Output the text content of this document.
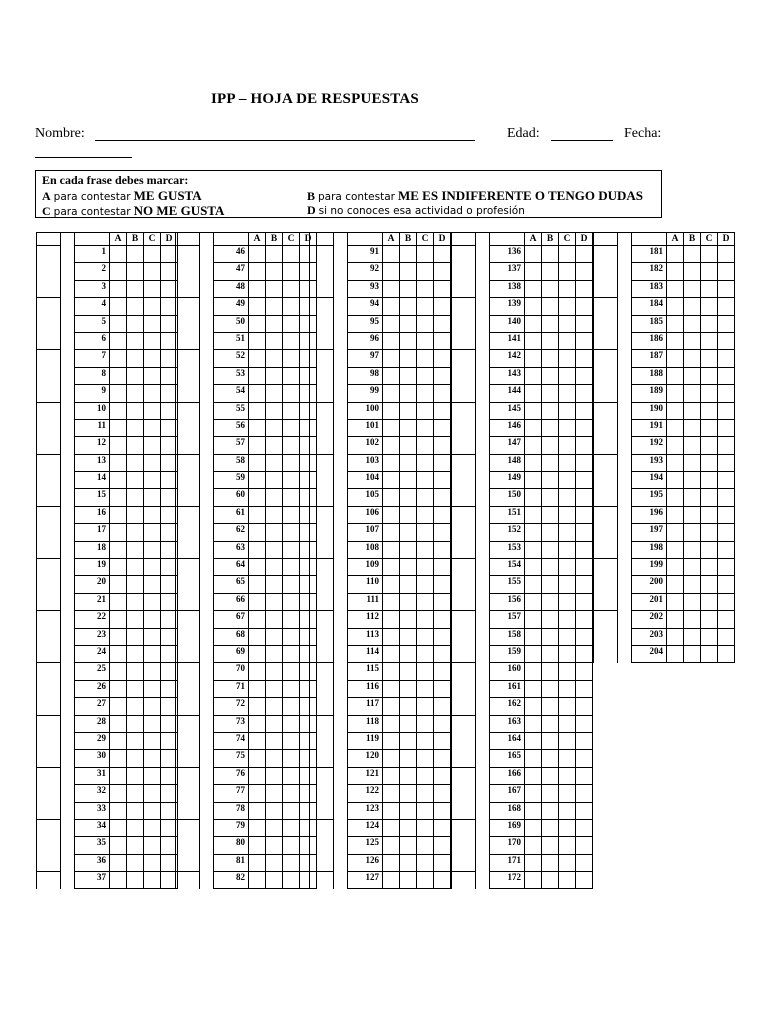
IPP – HOJA DE RESPUESTAS
Nombre:	Edad:	Fecha:
En cada frase debes marcar:
A para contestar ME GUSTA
C para contestar NO ME GUSTA
B para contestar ME ES INDIFERENTE O TENGO DUDAS
D si no conoces esa actividad o profesión
			A	B	C	D
		1				
		2				
		3				
		4				
		5				
		6				
		7				
		8				
		9				
		10				
		11				
		12				
		13				
		14				
		15				
		16				
		17				
		18				
		19				
		20				
		21				
		22				
		23				
		24				
		25				
		26				
		27				
		28				
		29				
		30				
		31				
		32				
		33				
		34				
		35				
		36				
		37				
			A	B	C	D
		46				
		47				
		48				
		49				
		50				
		51				
		52				
		53				
		54				
		55				
		56				
		57				
		58				
		59				
		60				
		61				
		62				
		63				
		64				
		65				
		66				
		67				
		68				
		69				
		70				
		71				
		72				
		73				
		74				
		75				
		76				
		77				
		78				
		79				
		80				
		81				
		82				
			A	B	C	D
		91				
		92				
		93				
		94				
		95				
		96				
		97				
		98				
		99				
		100				
		101				
		102				
		103				
		104				
		105				
		106				
		107				
		108				
		109				
		110				
		111				
		112				
		113				
		114				
		115				
		116				
		117				
		118				
		119				
		120				
		121				
		122				
		123				
		124				
		125				
		126				
		127				
			A	B	C	D
		136				
		137				
		138				
		139				
		140				
		141				
		142				
		143				
		144				
		145				
		146				
		147				
		148				
		149				
		150				
		151				
		152				
		153				
		154				
		155				
		156				
		157				
		158				
		159				
		160				
		161				
		162				
		163				
		164				
		165				
		166				
		167				
		168				
		169				
		170				
		171				
		172				
			A	B	C	D
		181				
		182				
		183				
		184				
		185				
		186				
		187				
		188				
		189				
		190				
		191				
		192				
		193				
		194				
		195				
		196				
		197				
		198				
		199				
		200				
		201				
		202				
		203				
		204				
